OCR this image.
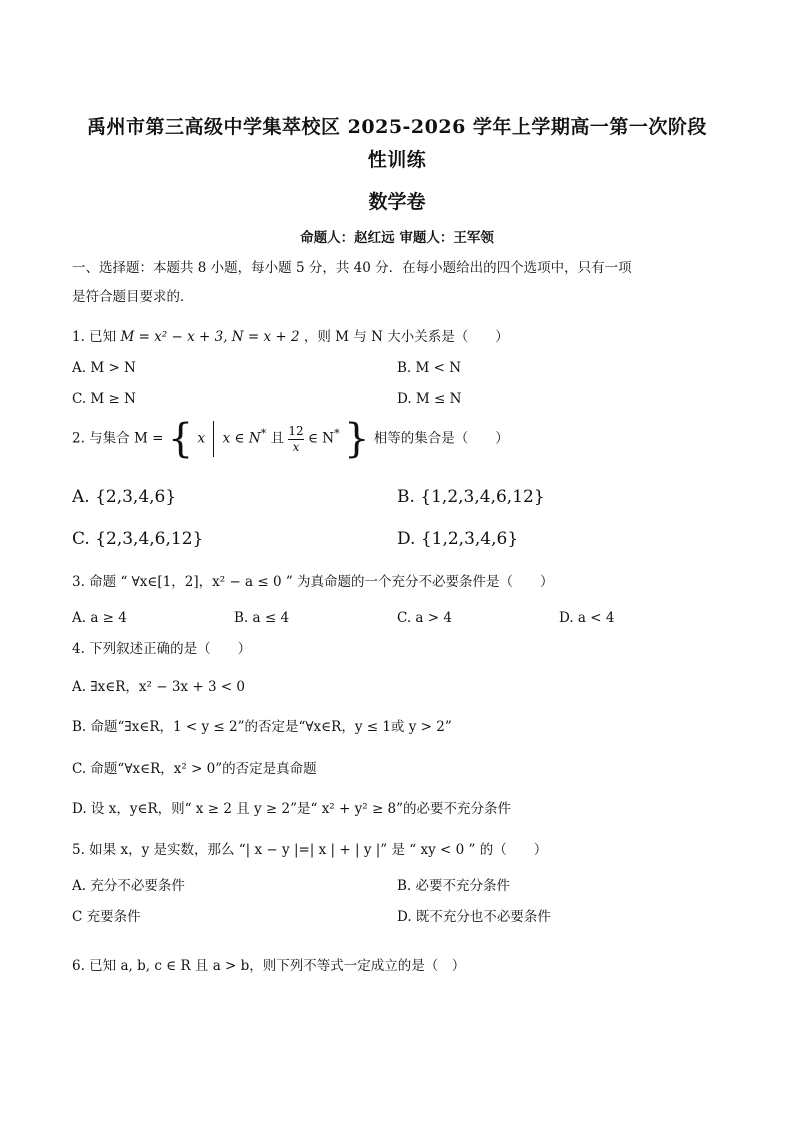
禹州市第三高级中学集萃校区 2025-2026 学年上学期高一第一次阶段
性训练
数学卷
命题人：赵红远 审题人：王军领
一、选择题：本题共 8 小题，每小题 5 分，共 40 分．在每小题给出的四个选项中，只有一项
是符合题目要求的．
1. 已知 M = x² − x + 3, N = x + 2 ，则 M 与 N 大小关系是（　　）
A. M > N	B. M < N
C. M ≥ N	D. M ≤ N
2. 与集合 M = { x x ∈ N* 且 $\frac{12}{x}$ ∈ N* } 相等的集合是（　　）
A. {2,3,4,6}	B. {1,2,3,4,6,12}
C. {2,3,4,6,12}	D. {1,2,3,4,6}
3. 命题 “ ∀x∈[1，2]，x² − a ≤ 0 ” 为真命题的一个充分不必要条件是（　　）
A. a ≥ 4	B. a ≤ 4	C. a > 4	D. a < 4
4. 下列叙述正确的是（　　）
A. ∃x∈R，x² − 3x + 3 < 0
B. 命题“∃x∈R，1 < y ≤ 2”的否定是“∀x∈R，y ≤ 1或 y > 2”
C. 命题“∀x∈R，x² > 0”的否定是真命题
D. 设 x，y∈R，则“ x ≥ 2 且 y ≥ 2”是“ x² + y² ≥ 8”的必要不充分条件
5. 如果 x，y 是实数，那么 “| x − y |=| x | + | y |” 是 “ xy < 0 ” 的（　　）
A. 充分不必要条件	B. 必要不充分条件
C 充要条件	D. 既不充分也不必要条件
6. 已知 a, b, c ∈ R 且 a > b，则下列不等式一定成立的是（　）
